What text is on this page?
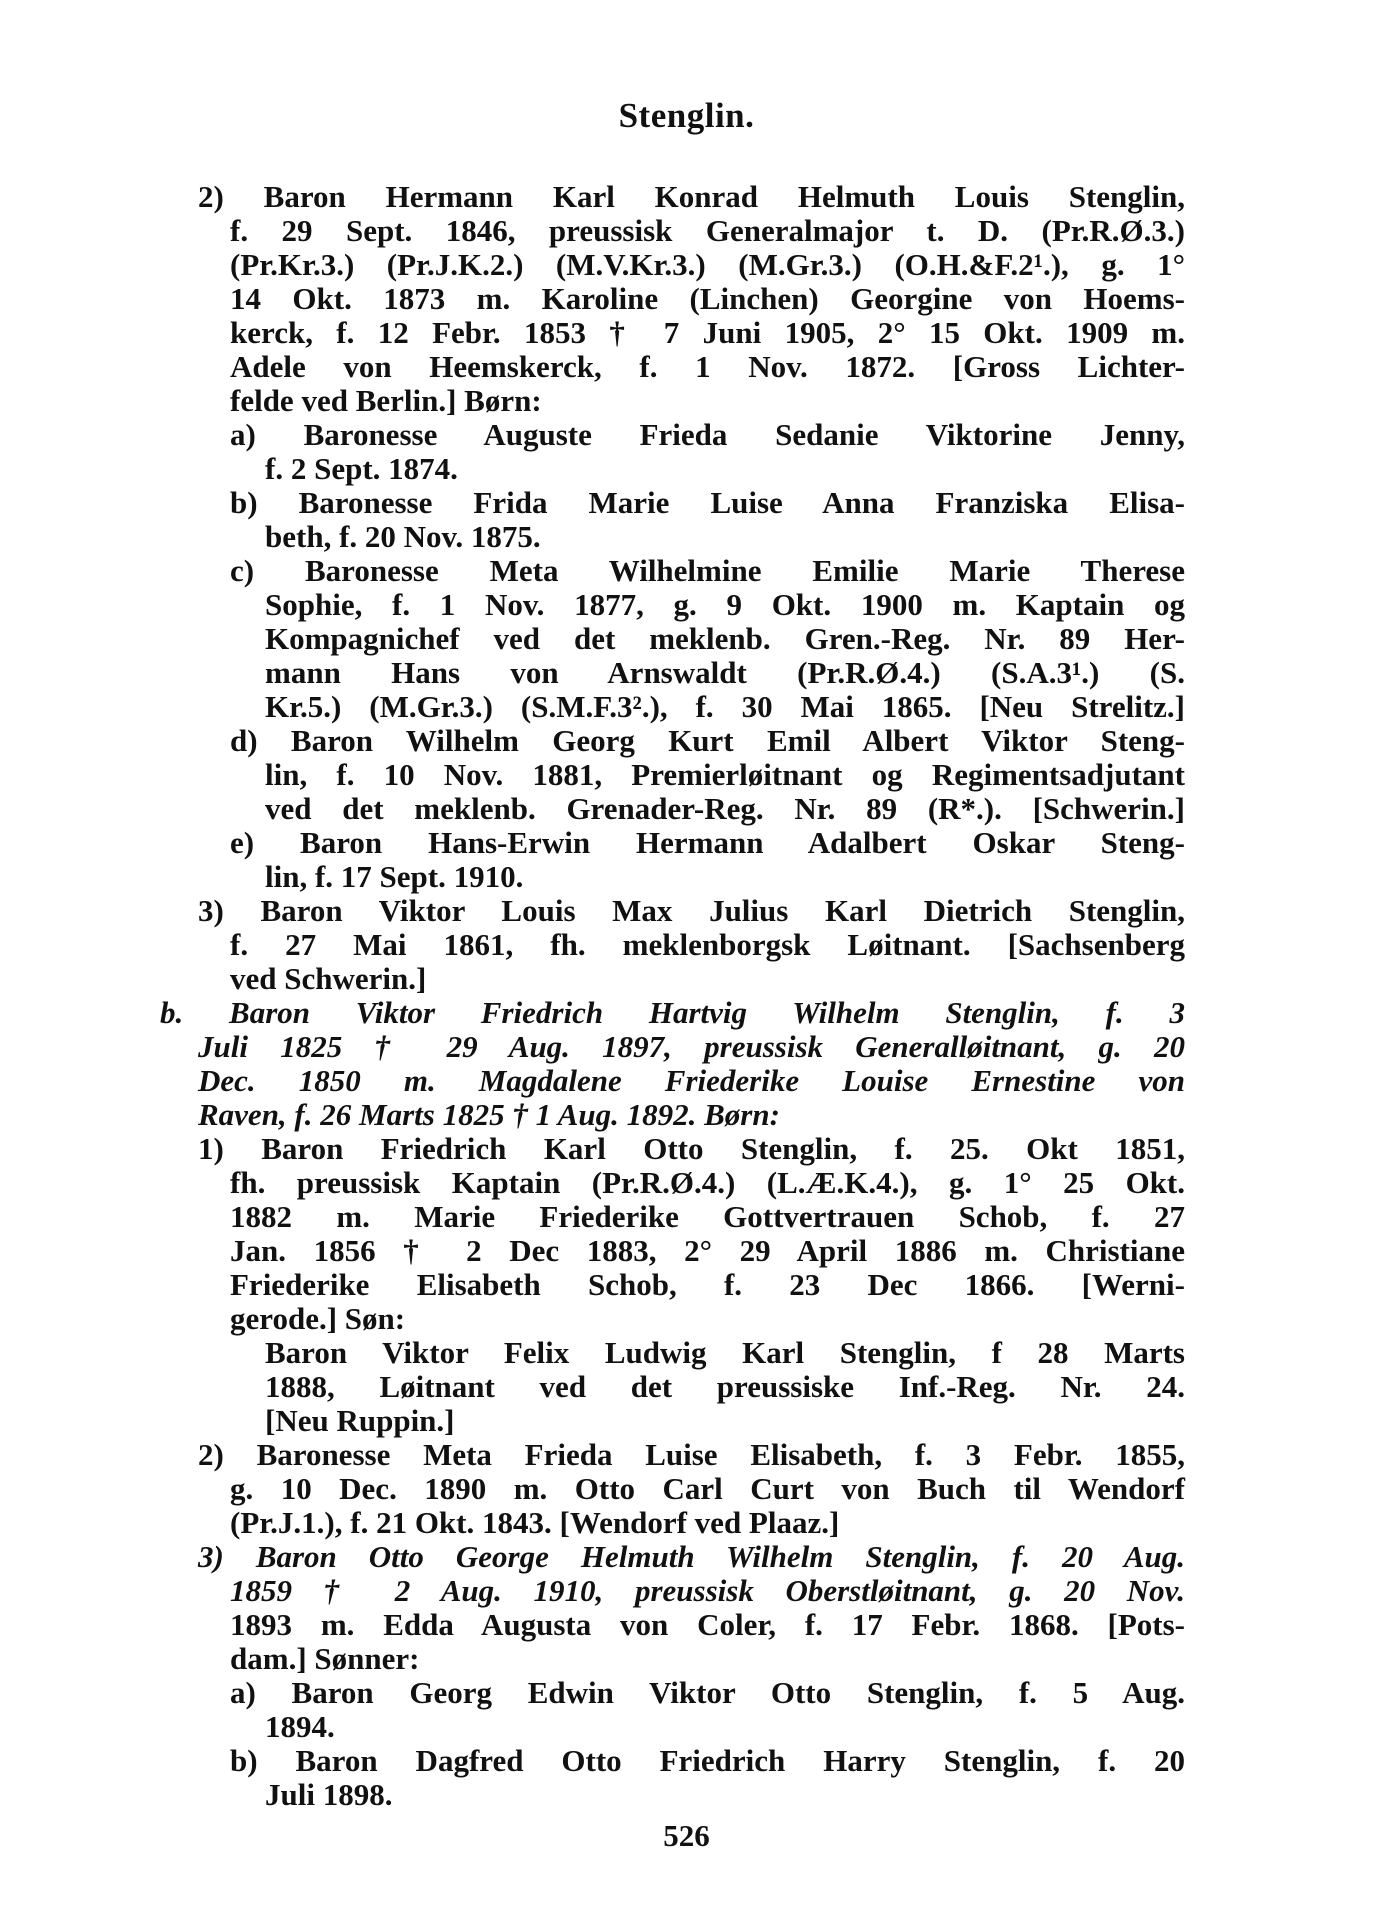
Stenglin.
2) Baron Hermann Karl Konrad Helmuth Louis Stenglin,
f. 29 Sept. 1846, preussisk Generalmajor t. D. (Pr.R.Ø.3.)
(Pr.Kr.3.) (Pr.J.K.2.) (M.V.Kr.3.) (M.Gr.3.) (O.H.&F.2¹.), g. 1°
14 Okt. 1873 m. Karoline (Linchen) Georgine von Hoems-
kerck, f. 12 Febr. 1853 † 7 Juni 1905, 2° 15 Okt. 1909 m.
Adele von Heemskerck, f. 1 Nov. 1872. [Gross Lichter-
felde ved Berlin.] Børn:
a) Baronesse Auguste Frieda Sedanie Viktorine Jenny,
f. 2 Sept. 1874.
b) Baronesse Frida Marie Luise Anna Franziska Elisa-
beth, f. 20 Nov. 1875.
c) Baronesse Meta Wilhelmine Emilie Marie Therese
Sophie, f. 1 Nov. 1877, g. 9 Okt. 1900 m. Kaptain og
Kompagnichef ved det meklenb. Gren.-Reg. Nr. 89 Her-
mann Hans von Arnswaldt (Pr.R.Ø.4.) (S.A.3¹.) (S.
Kr.5.) (M.Gr.3.) (S.M.F.3².), f. 30 Mai 1865. [Neu Strelitz.]
d) Baron Wilhelm Georg Kurt Emil Albert Viktor Steng-
lin, f. 10 Nov. 1881, Premierløitnant og Regimentsadjutant
ved det meklenb. Grenader-Reg. Nr. 89 (R*.). [Schwerin.]
e) Baron Hans-Erwin Hermann Adalbert Oskar Steng-
lin, f. 17 Sept. 1910.
3) Baron Viktor Louis Max Julius Karl Dietrich Stenglin,
f. 27 Mai 1861, fh. meklenborgsk Løitnant. [Sachsenberg
ved Schwerin.]
b. Baron Viktor Friedrich Hartvig Wilhelm Stenglin, f. 3
Juli 1825 † 29 Aug. 1897, preussisk Generalløitnant, g. 20
Dec. 1850 m. Magdalene Friederike Louise Ernestine von
Raven, f. 26 Marts 1825 † 1 Aug. 1892. Børn:
1) Baron Friedrich Karl Otto Stenglin, f. 25. Okt 1851,
fh. preussisk Kaptain (Pr.R.Ø.4.) (L.Æ.K.4.), g. 1° 25 Okt.
1882 m. Marie Friederike Gottvertrauen Schob, f. 27
Jan. 1856 † 2 Dec 1883, 2° 29 April 1886 m. Christiane
Friederike Elisabeth Schob, f. 23 Dec 1866. [Werni-
gerode.] Søn:
Baron Viktor Felix Ludwig Karl Stenglin, f 28 Marts
1888, Løitnant ved det preussiske Inf.-Reg. Nr. 24.
[Neu Ruppin.]
2) Baronesse Meta Frieda Luise Elisabeth, f. 3 Febr. 1855,
g. 10 Dec. 1890 m. Otto Carl Curt von Buch til Wendorf
(Pr.J.1.), f. 21 Okt. 1843. [Wendorf ved Plaaz.]
3) Baron Otto George Helmuth Wilhelm Stenglin, f. 20 Aug.
1859 † 2 Aug. 1910, preussisk Oberstløitnant, g. 20 Nov.
1893 m. Edda Augusta von Coler, f. 17 Febr. 1868. [Pots-
dam.] Sønner:
a) Baron Georg Edwin Viktor Otto Stenglin, f. 5 Aug.
1894.
b) Baron Dagfred Otto Friedrich Harry Stenglin, f. 20
Juli 1898.
526
